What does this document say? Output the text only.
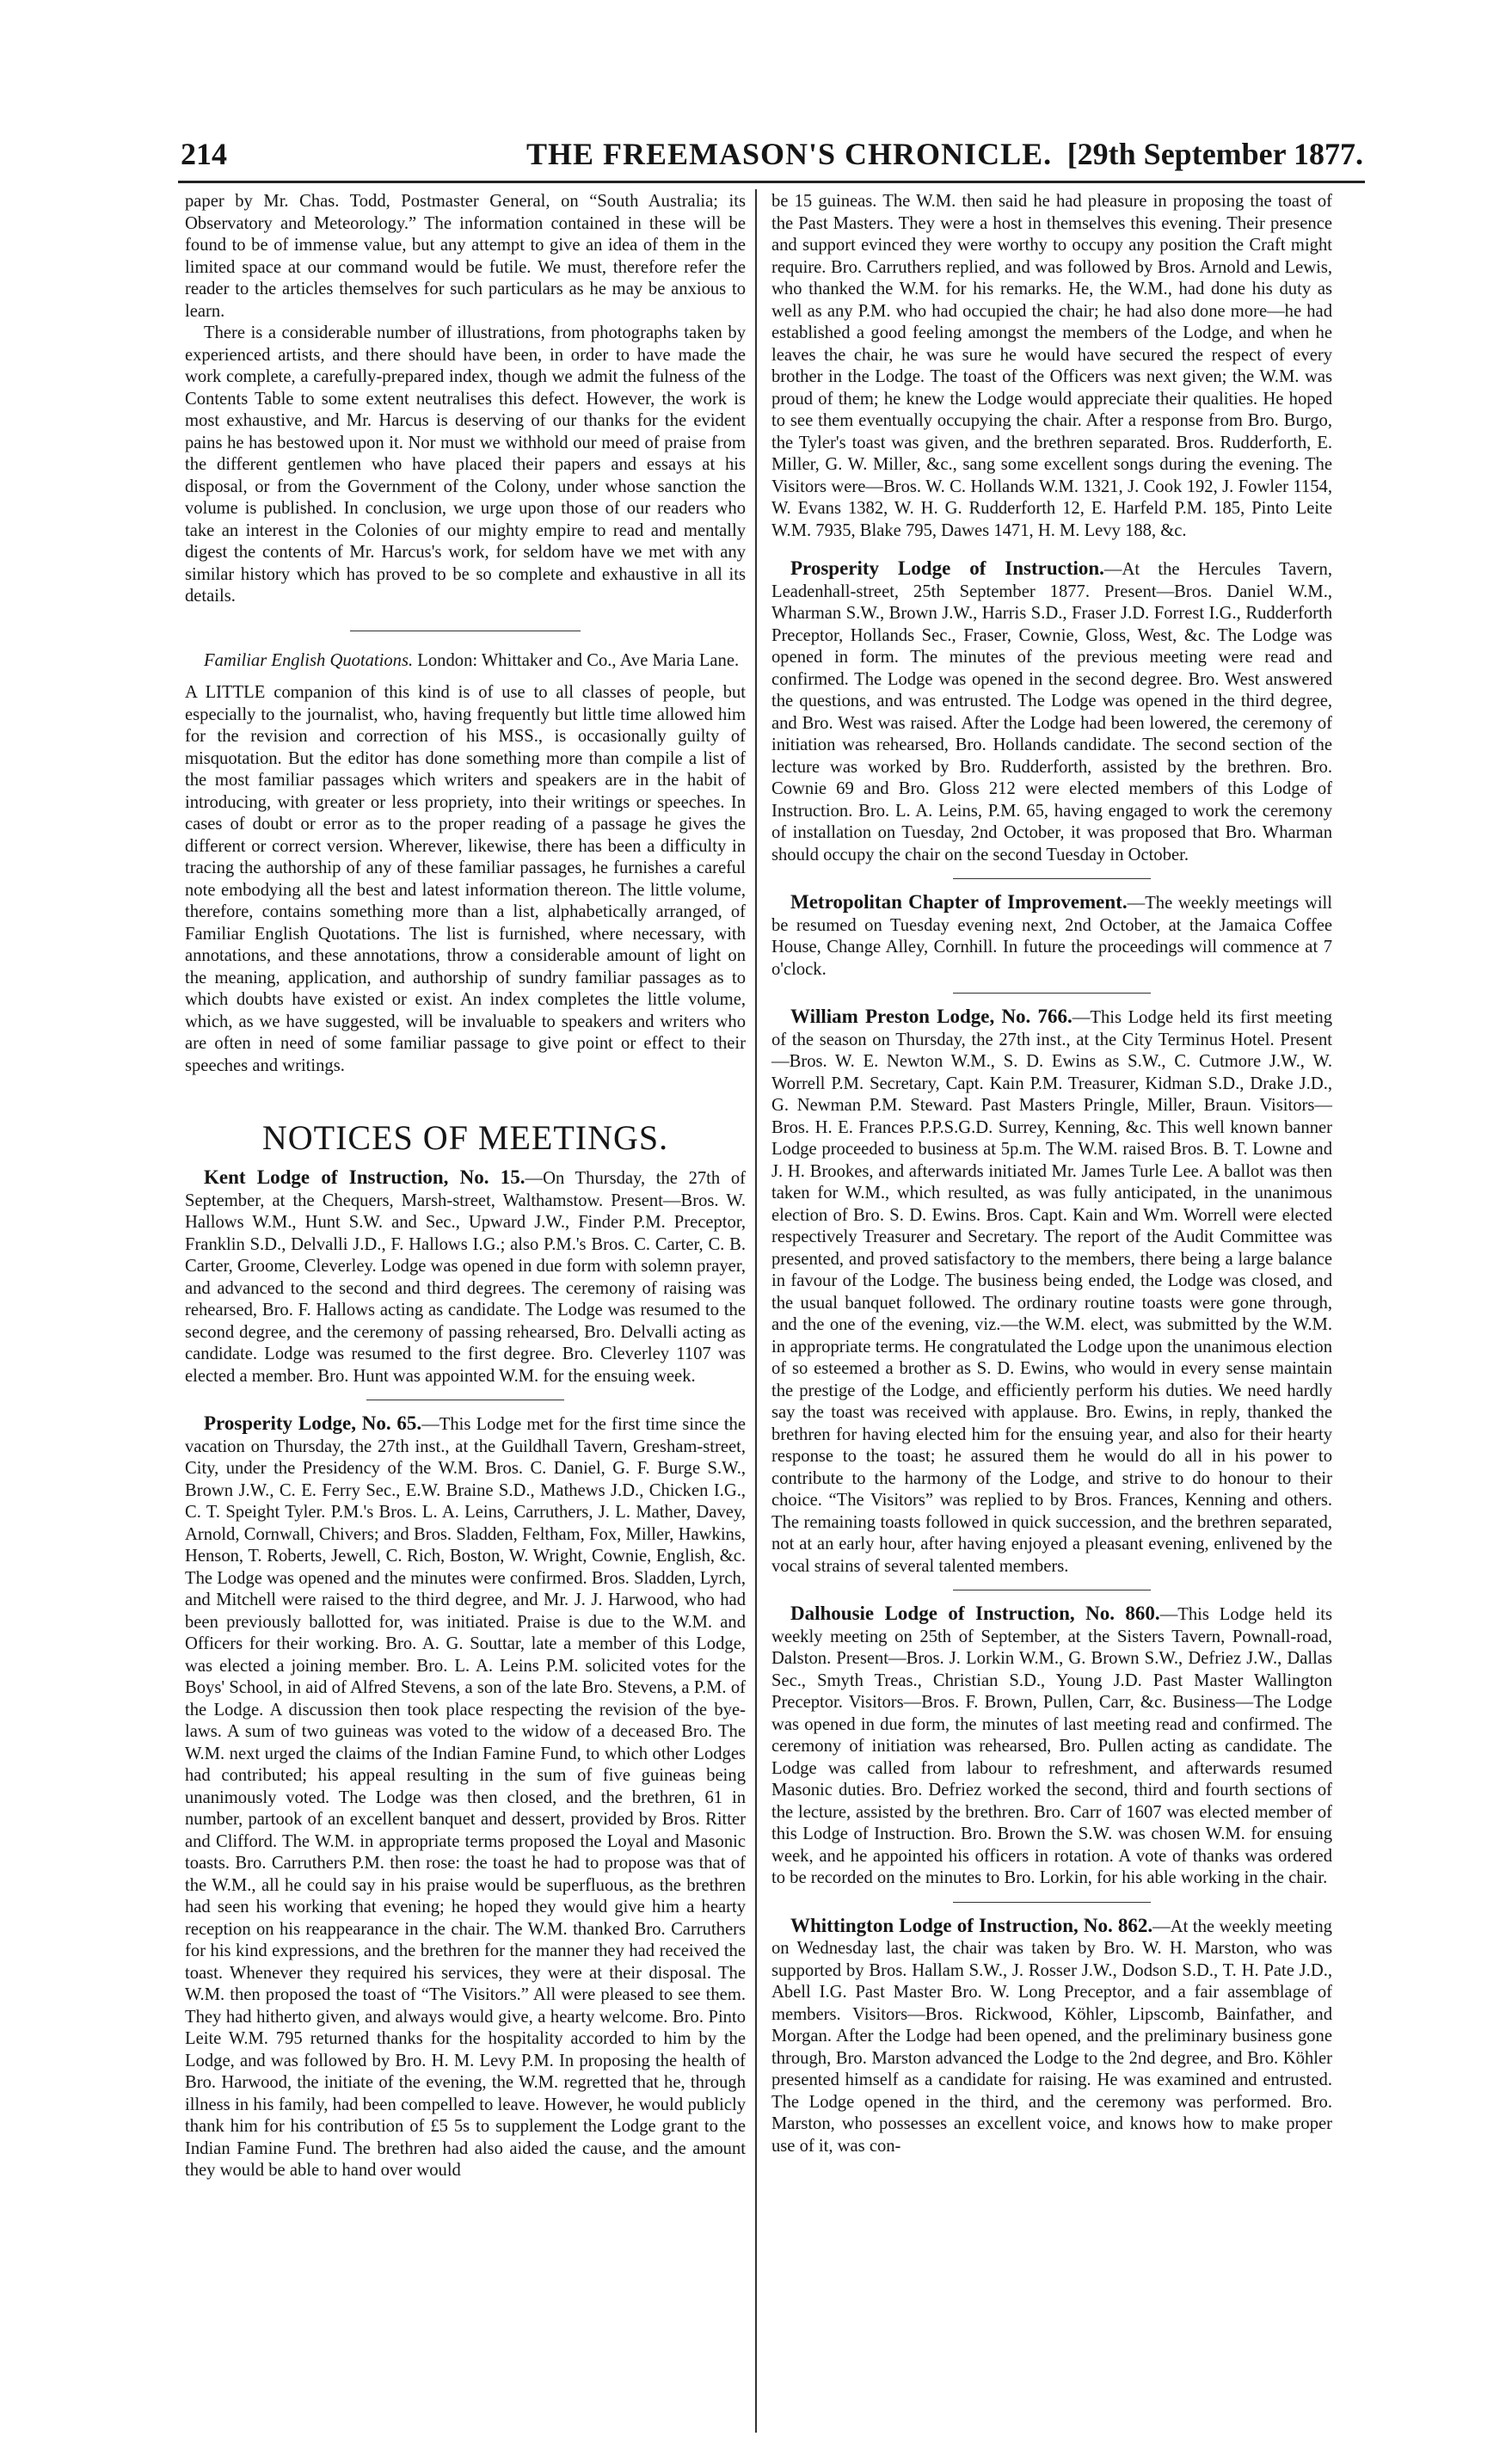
214	THE FREEMASON'S CHRONICLE. [29th September 1877.

paper by Mr. Chas. Todd, Postmaster General, on “South Australia; its Observatory and Meteorology.” The information contained in these will be found to be of immense value, but any attempt to give an idea of them in the limited space at our command would be futile. We must, therefore refer the reader to the articles themselves for such particulars as he may be anxious to learn.

There is a considerable number of illustrations, from photographs taken by experienced artists, and there should have been, in order to have made the work complete, a carefully-prepared index, though we admit the fulness of the Contents Table to some extent neutralises this defect. However, the work is most exhaustive, and Mr. Harcus is deserving of our thanks for the evident pains he has bestowed upon it. Nor must we withhold our meed of praise from the different gentlemen who have placed their papers and essays at his disposal, or from the Government of the Colony, under whose sanction the volume is published. In conclusion, we urge upon those of our readers who take an interest in the Colonies of our mighty empire to read and mentally digest the contents of Mr. Harcus's work, for seldom have we met with any similar history which has proved to be so complete and exhaustive in all its details.

Familiar English Quotations. London: Whittaker and Co., Ave Maria Lane.

A LITTLE companion of this kind is of use to all classes of people, but especially to the journalist, who, having frequently but little time allowed him for the revision and correction of his MSS., is occasionally guilty of misquotation. But the editor has done something more than compile a list of the most familiar passages which writers and speakers are in the habit of introducing, with greater or less propriety, into their writings or speeches. In cases of doubt or error as to the proper reading of a passage he gives the different or correct version. Wherever, likewise, there has been a difficulty in tracing the authorship of any of these familiar passages, he furnishes a careful note embodying all the best and latest information thereon. The little volume, therefore, contains something more than a list, alphabetically arranged, of Familiar English Quotations. The list is furnished, where necessary, with annotations, and these annotations, throw a considerable amount of light on the meaning, application, and authorship of sundry familiar passages as to which doubts have existed or exist. An index completes the little volume, which, as we have suggested, will be invaluable to speakers and writers who are often in need of some familiar passage to give point or effect to their speeches and writings.

NOTICES OF MEETINGS.

Kent Lodge of Instruction, No. 15.—On Thursday, the 27th of September, at the Chequers, Marsh-street, Walthamstow. Present—Bros. W. Hallows W.M., Hunt S.W. and Sec., Upward J.W., Finder P.M. Preceptor, Franklin S.D., Delvalli J.D., F. Hallows I.G.; also P.M.'s Bros. C. Carter, C. B. Carter, Groome, Cleverley. Lodge was opened in due form with solemn prayer, and advanced to the second and third degrees. The ceremony of raising was rehearsed, Bro. F. Hallows acting as candidate. The Lodge was resumed to the second degree, and the ceremony of passing rehearsed, Bro. Delvalli acting as candidate. Lodge was resumed to the first degree. Bro. Cleverley 1107 was elected a member. Bro. Hunt was appointed W.M. for the ensuing week.

Prosperity Lodge, No. 65.—This Lodge met for the first time since the vacation on Thursday, the 27th inst., at the Guildhall Tavern, Gresham-street, City, under the Presidency of the W.M. Bros. C. Daniel, G. F. Burge S.W., Brown J.W., C. E. Ferry Sec., E.W. Braine S.D., Mathews J.D., Chicken I.G., C. T. Speight Tyler. P.M.'s Bros. L. A. Leins, Carruthers, J. L. Mather, Davey, Arnold, Cornwall, Chivers; and Bros. Sladden, Feltham, Fox, Miller, Hawkins, Henson, T. Roberts, Jewell, C. Rich, Boston, W. Wright, Cownie, English, &c. The Lodge was opened and the minutes were confirmed. Bros. Sladden, Lyrch, and Mitchell were raised to the third degree, and Mr. J. J. Harwood, who had been previously ballotted for, was initiated. Praise is due to the W.M. and Officers for their working. Bro. A. G. Souttar, late a member of this Lodge, was elected a joining member. Bro. L. A. Leins P.M. solicited votes for the Boys' School, in aid of Alfred Stevens, a son of the late Bro. Stevens, a P.M. of the Lodge. A discussion then took place respecting the revision of the bye-laws. A sum of two guineas was voted to the widow of a deceased Bro. The W.M. next urged the claims of the Indian Famine Fund, to which other Lodges had contributed; his appeal resulting in the sum of five guineas being unanimously voted. The Lodge was then closed, and the brethren, 61 in number, partook of an excellent banquet and dessert, provided by Bros. Ritter and Clifford. The W.M. in appropriate terms proposed the Loyal and Masonic toasts. Bro. Carruthers P.M. then rose: the toast he had to propose was that of the W.M., all he could say in his praise would be superfluous, as the brethren had seen his working that evening; he hoped they would give him a hearty reception on his reappearance in the chair. The W.M. thanked Bro. Carruthers for his kind expressions, and the brethren for the manner they had received the toast. Whenever they required his services, they were at their disposal. The W.M. then proposed the toast of “The Visitors.” All were pleased to see them. They had hitherto given, and always would give, a hearty welcome. Bro. Pinto Leite W.M. 795 returned thanks for the hospitality accorded to him by the Lodge, and was followed by Bro. H. M. Levy P.M. In proposing the health of Bro. Harwood, the initiate of the evening, the W.M. regretted that he, through illness in his family, had been compelled to leave. However, he would publicly thank him for his contribution of £5 5s to supplement the Lodge grant to the Indian Famine Fund. The brethren had also aided the cause, and the amount they would be able to hand over would

be 15 guineas. The W.M. then said he had pleasure in proposing the toast of the Past Masters. They were a host in themselves this evening. Their presence and support evinced they were worthy to occupy any position the Craft might require. Bro. Carruthers replied, and was followed by Bros. Arnold and Lewis, who thanked the W.M. for his remarks. He, the W.M., had done his duty as well as any P.M. who had occupied the chair; he had also done more—he had established a good feeling amongst the members of the Lodge, and when he leaves the chair, he was sure he would have secured the respect of every brother in the Lodge. The toast of the Officers was next given; the W.M. was proud of them; he knew the Lodge would appreciate their qualities. He hoped to see them eventually occupying the chair. After a response from Bro. Burgo, the Tyler's toast was given, and the brethren separated. Bros. Rudderforth, E. Miller, G. W. Miller, &c., sang some excellent songs during the evening. The Visitors were—Bros. W. C. Hollands W.M. 1321, J. Cook 192, J. Fowler 1154, W. Evans 1382, W. H. G. Rudderforth 12, E. Harfeld P.M. 185, Pinto Leite W.M. 7935, Blake 795, Dawes 1471, H. M. Levy 188, &c.

Prosperity Lodge of Instruction.—At the Hercules Tavern, Leadenhall-street, 25th September 1877. Present—Bros. Daniel W.M., Wharman S.W., Brown J.W., Harris S.D., Fraser J.D. Forrest I.G., Rudderforth Preceptor, Hollands Sec., Fraser, Cownie, Gloss, West, &c. The Lodge was opened in form. The minutes of the previous meeting were read and confirmed. The Lodge was opened in the second degree. Bro. West answered the questions, and was entrusted. The Lodge was opened in the third degree, and Bro. West was raised. After the Lodge had been lowered, the ceremony of initiation was rehearsed, Bro. Hollands candidate. The second section of the lecture was worked by Bro. Rudderforth, assisted by the brethren. Bro. Cownie 69 and Bro. Gloss 212 were elected members of this Lodge of Instruction. Bro. L. A. Leins, P.M. 65, having engaged to work the ceremony of installation on Tuesday, 2nd October, it was proposed that Bro. Wharman should occupy the chair on the second Tuesday in October.

Metropolitan Chapter of Improvement.—The weekly meetings will be resumed on Tuesday evening next, 2nd October, at the Jamaica Coffee House, Change Alley, Cornhill. In future the proceedings will commence at 7 o'clock.

William Preston Lodge, No. 766.—This Lodge held its first meeting of the season on Thursday, the 27th inst., at the City Terminus Hotel. Present—Bros. W. E. Newton W.M., S. D. Ewins as S.W., C. Cutmore J.W., W. Worrell P.M. Secretary, Capt. Kain P.M. Treasurer, Kidman S.D., Drake J.D., G. Newman P.M. Steward. Past Masters Pringle, Miller, Braun. Visitors—Bros. H. E. Frances P.P.S.G.D. Surrey, Kenning, &c. This well known banner Lodge proceeded to business at 5p.m. The W.M. raised Bros. B. T. Lowne and J. H. Brookes, and afterwards initiated Mr. James Turle Lee. A ballot was then taken for W.M., which resulted, as was fully anticipated, in the unanimous election of Bro. S. D. Ewins. Bros. Capt. Kain and Wm. Worrell were elected respectively Treasurer and Secretary. The report of the Audit Committee was presented, and proved satisfactory to the members, there being a large balance in favour of the Lodge. The business being ended, the Lodge was closed, and the usual banquet followed. The ordinary routine toasts were gone through, and the one of the evening, viz.—the W.M. elect, was submitted by the W.M. in appropriate terms. He congratulated the Lodge upon the unanimous election of so esteemed a brother as S. D. Ewins, who would in every sense maintain the prestige of the Lodge, and efficiently perform his duties. We need hardly say the toast was received with applause. Bro. Ewins, in reply, thanked the brethren for having elected him for the ensuing year, and also for their hearty response to the toast; he assured them he would do all in his power to contribute to the harmony of the Lodge, and strive to do honour to their choice. “The Visitors” was replied to by Bros. Frances, Kenning and others. The remaining toasts followed in quick succession, and the brethren separated, not at an early hour, after having enjoyed a pleasant evening, enlivened by the vocal strains of several talented members.

Dalhousie Lodge of Instruction, No. 860.—This Lodge held its weekly meeting on 25th of September, at the Sisters Tavern, Pownall-road, Dalston. Present—Bros. J. Lorkin W.M., G. Brown S.W., Defriez J.W., Dallas Sec., Smyth Treas., Christian S.D., Young J.D. Past Master Wallington Preceptor. Visitors—Bros. F. Brown, Pullen, Carr, &c. Business—The Lodge was opened in due form, the minutes of last meeting read and confirmed. The ceremony of initiation was rehearsed, Bro. Pullen acting as candidate. The Lodge was called from labour to refreshment, and afterwards resumed Masonic duties. Bro. Defriez worked the second, third and fourth sections of the lecture, assisted by the brethren. Bro. Carr of 1607 was elected member of this Lodge of Instruction. Bro. Brown the S.W. was chosen W.M. for ensuing week, and he appointed his officers in rotation. A vote of thanks was ordered to be recorded on the minutes to Bro. Lorkin, for his able working in the chair.

Whittington Lodge of Instruction, No. 862.—At the weekly meeting on Wednesday last, the chair was taken by Bro. W. H. Marston, who was supported by Bros. Hallam S.W., J. Rosser J.W., Dodson S.D., T. H. Pate J.D., Abell I.G. Past Master Bro. W. Long Preceptor, and a fair assemblage of members. Visitors—Bros. Rickwood, Köhler, Lipscomb, Bainfather, and Morgan. After the Lodge had been opened, and the preliminary business gone through, Bro. Marston advanced the Lodge to the 2nd degree, and Bro. Köhler presented himself as a candidate for raising. He was examined and entrusted. The Lodge opened in the third, and the ceremony was performed. Bro. Marston, who possesses an excellent voice, and knows how to make proper use of it, was con-
